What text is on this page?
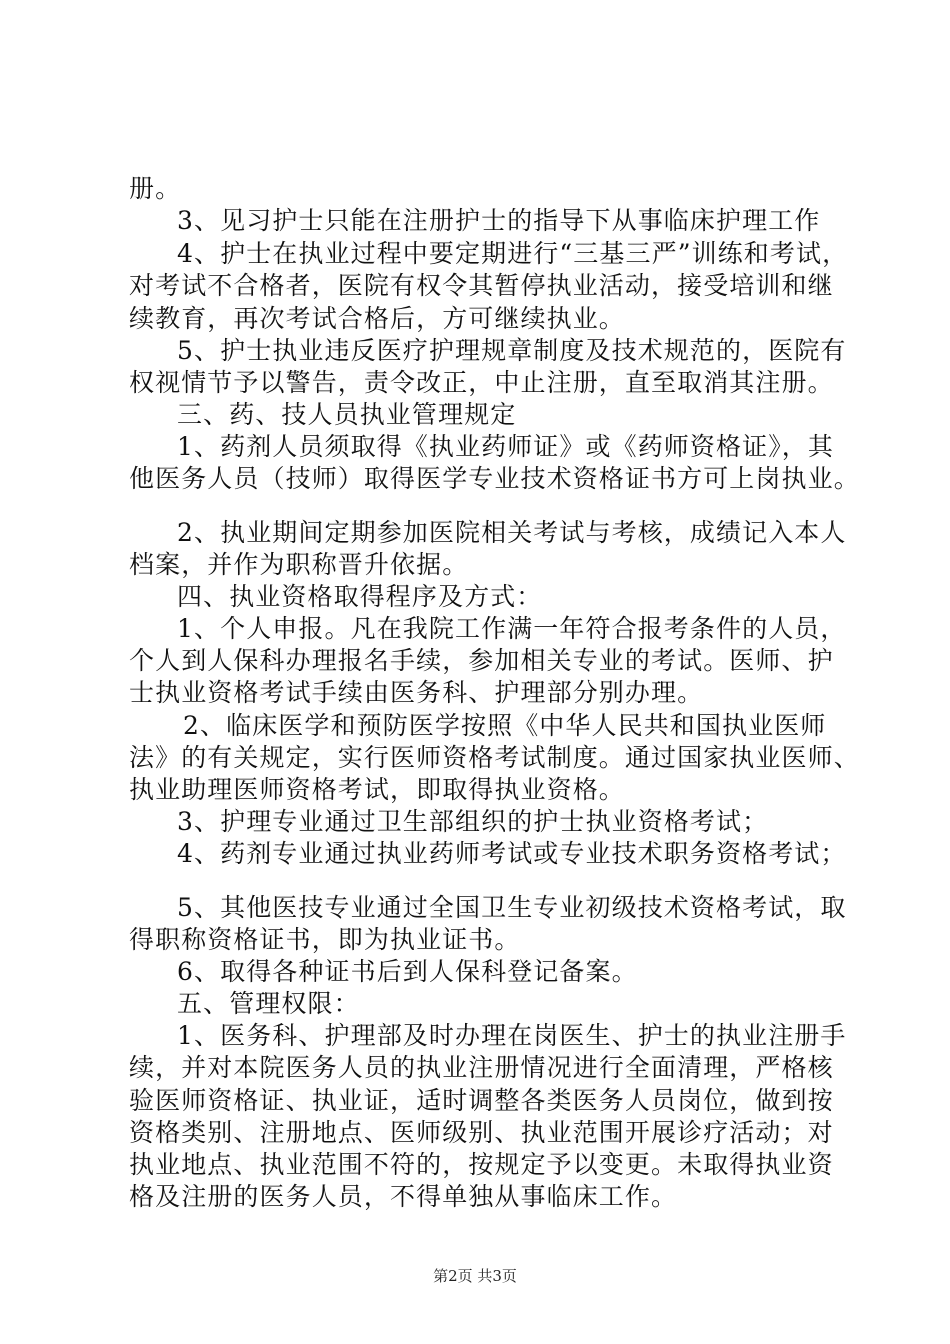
册。
3、见习护士只能在注册护士的指导下从事临床护理工作
4、护士在执业过程中要定期进行“三基三严”训练和考试，
对考试不合格者，医院有权令其暂停执业活动，接受培训和继
续教育，再次考试合格后，方可继续执业。
5、护士执业违反医疗护理规章制度及技术规范的，医院有
权视情节予以警告，责令改正，中止注册，直至取消其注册。
三、药、技人员执业管理规定
1、药剂人员须取得《执业药师证》或《药师资格证》，其
他医务人员（技师）取得医学专业技术资格证书方可上岗执业。
2、执业期间定期参加医院相关考试与考核，成绩记入本人
档案，并作为职称晋升依据。
四、执业资格取得程序及方式：
1、个人申报。凡在我院工作满一年符合报考条件的人员，
个人到人保科办理报名手续，参加相关专业的考试。医师、护
士执业资格考试手续由医务科、护理部分别办理。
2、临床医学和预防医学按照《中华人民共和国执业医师
法》的有关规定，实行医师资格考试制度。通过国家执业医师、
执业助理医师资格考试，即取得执业资格。
3、护理专业通过卫生部组织的护士执业资格考试；
4、药剂专业通过执业药师考试或专业技术职务资格考试；
5、其他医技专业通过全国卫生专业初级技术资格考试，取
得职称资格证书，即为执业证书。
6、取得各种证书后到人保科登记备案。
五、管理权限：
1、医务科、护理部及时办理在岗医生、护士的执业注册手
续，并对本院医务人员的执业注册情况进行全面清理，严格核
验医师资格证、执业证，适时调整各类医务人员岗位，做到按
资格类别、注册地点、医师级别、执业范围开展诊疗活动；对
执业地点、执业范围不符的，按规定予以变更。未取得执业资
格及注册的医务人员，不得单独从事临床工作。
第2页 共3页
